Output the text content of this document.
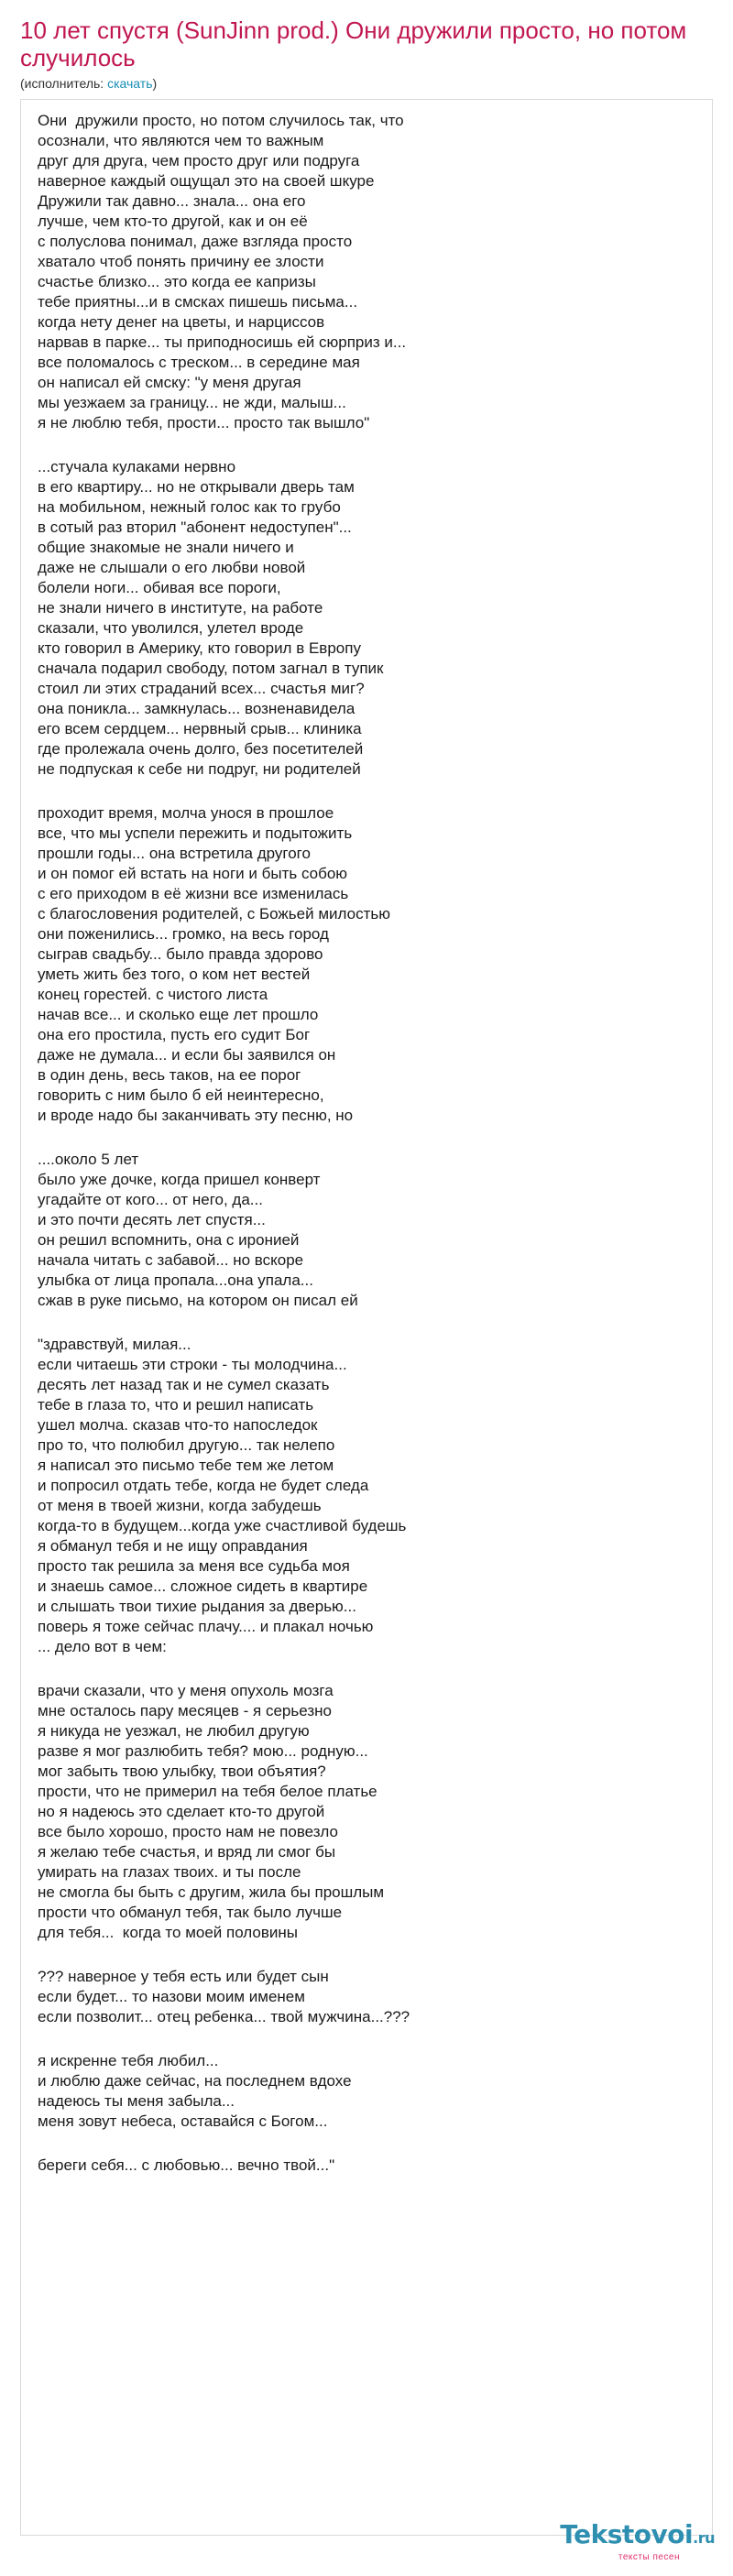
10 лет спустя (SunJinn prod.) Они дружили просто, но потом случилось

(исполнитель: скачать)

Они  дружили просто, но потом случилось так, что
осознали, что являются чем то важным
друг для друга, чем просто друг или подруга
наверное каждый ощущал это на своей шкуре
Дружили так давно... знала... она его
лучше, чем кто-то другой, как и он её
с полуслова понимал, даже взгляда просто
хватало чтоб понять причину ее злости
счастье близко... это когда ее капризы
тебе приятны...и в смсках пишешь письма...
когда нету денег на цветы, и нарциссов
нарвав в парке... ты приподносишь ей сюрприз и...
все поломалось с треском... в середине мая
он написал ей смску: "у меня другая
мы уезжаем за границу... не жди, малыш...
я не люблю тебя, прости... просто так вышло"
...стучала кулаками нервно
в его квартиру... но не открывали дверь там
на мобильном, нежный голос как то грубо
в сотый раз вторил "абонент недоступен"...
общие знакомые не знали ничего и
даже не слышали о его любви новой
болели ноги... обивая все пороги,
не знали ничего в институте, на работе
сказали, что уволился, улетел вроде
кто говорил в Америку, кто говорил в Европу
сначала подарил свободу, потом загнал в тупик
стоил ли этих страданий всех... счастья миг?
она поникла... замкнулась... возненавидела
его всем сердцем... нервный срыв... клиника
где пролежала очень долго, без посетителей
не подпуская к себе ни подруг, ни родителей
проходит время, молча унося в прошлое
все, что мы успели пережить и подытожить
прошли годы... она встретила другого
и он помог ей встать на ноги и быть собою
с его приходом в её жизни все изменилась
с благословения родителей, с Божьей милостью
они поженились... громко, на весь город
сыграв свадьбу... было правда здорово
уметь жить без того, о ком нет вестей
конец горестей. с чистого листа
начав все... и сколько еще лет прошло
она его простила, пусть его судит Бог
даже не думала... и если бы заявился он
в один день, весь таков, на ее порог
говорить с ним было б ей неинтересно,
и вроде надо бы заканчивать эту песню, но
....около 5 лет
было уже дочке, когда пришел конверт
угадайте от кого... от него, да...
и это почти десять лет спустя...
он решил вспомнить, она с иронией
начала читать с забавой... но вскоре
улыбка от лица пропала...она упала...
сжав в руке письмо, на котором он писал ей
"здравствуй, милая...
если читаешь эти строки - ты молодчина...
десять лет назад так и не сумел сказать
тебе в глаза то, что и решил написать
ушел молча. сказав что-то напоследок
про то, что полюбил другую... так нелепо
я написал это письмо тебе тем же летом
и попросил отдать тебе, когда не будет следа
от меня в твоей жизни, когда забудешь
когда-то в будущем...когда уже счастливой будешь
я обманул тебя и не ищу оправдания
просто так решила за меня все судьба моя
и знаешь самое... сложное сидеть в квартире
и слышать твои тихие рыдания за дверью...
поверь я тоже сейчас плачу.... и плакал ночью
... дело вот в чем:
врачи сказали, что у меня опухоль мозга
мне осталось пару месяцев - я серьезно
я никуда не уезжал, не любил другую
разве я мог разлюбить тебя? мою... родную...
мог забыть твою улыбку, твои объятия?
прости, что не примерил на тебя белое платье
но я надеюсь это сделает кто-то другой
все было хорошо, просто нам не повезло
я желаю тебе счастья, и вряд ли смог бы
умирать на глазах твоих. и ты после
не смогла бы быть с другим, жила бы прошлым
прости что обманул тебя, так было лучше
для тебя...  когда то моей половины
??? наверное у тебя есть или будет сын
если будет... то назови моим именем
если позволит... отец ребенка... твой мужчина...???
я искренне тебя любил...
и люблю даже сейчас, на последнем вдохе
надеюсь ты меня забыла...
меня зовут небеса, оставайся с Богом...
береги себя... с любовью... вечно твой..."
Tekstovoi.ru
тексты песен
